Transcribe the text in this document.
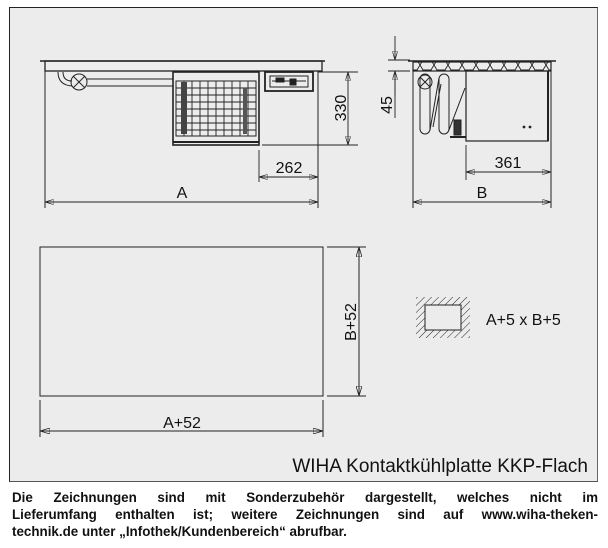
330
262
A
45
361
B
B+52
A+52
A+5 x B+5
WIHA Kontaktkühlplatte KKP-Flach
Die Zeichnungen sind mit Sonderzubehör dargestellt, welches nicht im
Lieferumfang enthalten ist; weitere Zeichnungen sind auf www.wiha-theken-
technik.de unter „Infothek/Kundenbereich“ abrufbar.
